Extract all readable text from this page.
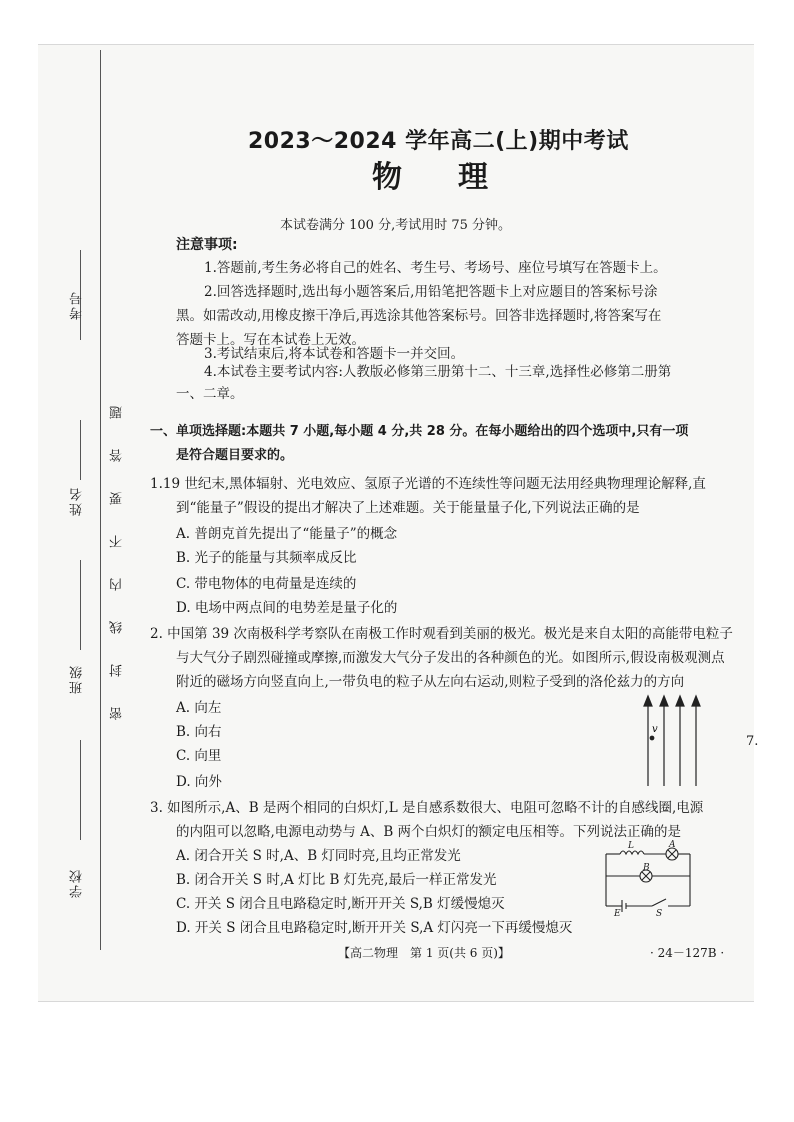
考号
姓名
班级
学校
密封线内不要答题
2023～2024 学年高二(上)期中考试
物理
本试卷满分 100 分,考试用时 75 分钟。
注意事项:
1.答题前,考生务必将自己的姓名、考生号、考场号、座位号填写在答题卡上。
2.回答选择题时,选出每小题答案后,用铅笔把答题卡上对应题目的答案标号涂
黑。如需改动,用橡皮擦干净后,再选涂其他答案标号。回答非选择题时,将答案写在
答题卡上。写在本试卷上无效。
3.考试结束后,将本试卷和答题卡一并交回。
4.本试卷主要考试内容:人教版必修第三册第十二、十三章,选择性必修第二册第
一、二章。
一、单项选择题:本题共 7 小题,每小题 4 分,共 28 分。在每小题给出的四个选项中,只有一项
是符合题目要求的。
1.19 世纪末,黑体辐射、光电效应、氢原子光谱的不连续性等问题无法用经典物理理论解释,直
到“能量子”假设的提出才解决了上述难题。关于能量量子化,下列说法正确的是
A. 普朗克首先提出了“能量子”的概念
B. 光子的能量与其频率成反比
C. 带电物体的电荷量是连续的
D. 电场中两点间的电势差是量子化的
2. 中国第 39 次南极科学考察队在南极工作时观看到美丽的极光。极光是来自太阳的高能带电粒子
与大气分子剧烈碰撞或摩擦,而激发大气分子发出的各种颜色的光。如图所示,假设南极观测点
附近的磁场方向竖直向上,一带负电的粒子从左向右运动,则粒子受到的洛伦兹力的方向
A. 向左
B. 向右
C. 向里
D. 向外
v
7.
3. 如图所示,A、B 是两个相同的白炽灯,L 是自感系数很大、电阻可忽略不计的自感线圈,电源
的内阻可以忽略,电源电动势与 A、B 两个白炽灯的额定电压相等。下列说法正确的是
A. 闭合开关 S 时,A、B 灯同时亮,且均正常发光
B. 闭合开关 S 时,A 灯比 B 灯先亮,最后一样正常发光
C. 开关 S 闭合且电路稳定时,断开开关 S,B 灯缓慢熄灭
D. 开关 S 闭合且电路稳定时,断开开关 S,A 灯闪亮一下再缓慢熄灭
L	A
B
E	S
【高二物理　第 1 页(共 6 页)】	· 24－127B ·
